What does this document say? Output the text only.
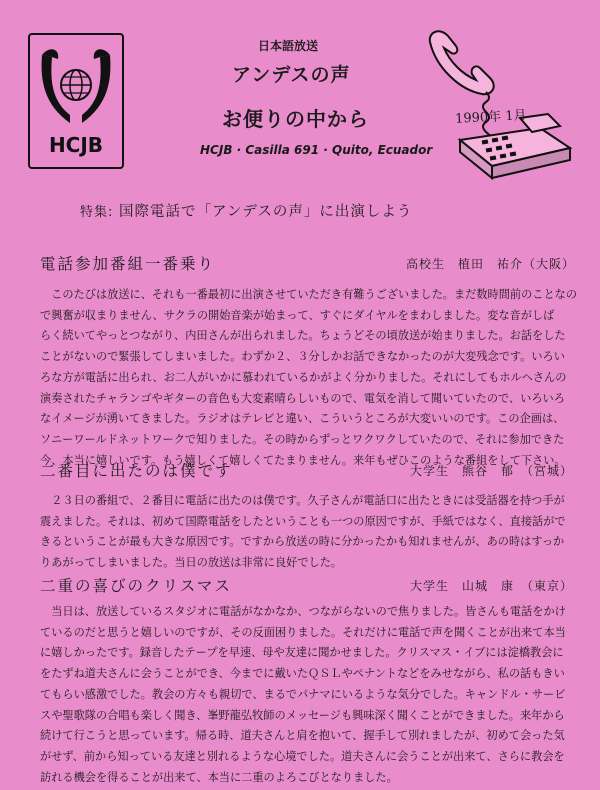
HCJB
日本語放送
アンデスの声
お便りの中から
HCJB · Casilla 691 · Quito, Ecuador
1990年 1月
特集: 国際電話で「アンデスの声」に出演しよう
電話参加番組一番乗り	高校生　植田　祐介（大阪）
　このたびは放送に、それも一番最初に出演させていただき有難うございました。まだ数時間前のことなの
で興奮が収まりません、サクラの開始音楽が始まって、すぐにダイヤルをまわしました。変な音がしば
らく続いてやっとつながり、内田さんが出られました。ちょうどその頃放送が始まりました。お話をした
ことがないので緊張してしまいました。わずか２、３分しかお話できなかったのが大変残念です。いろい
ろな方が電話に出られ、お二人がいかに慕われているかがよく分かりました。それにしてもホルヘさんの
演奏されたチャランゴやギターの音色も大変素晴らしいもので、電気を消して聞いていたので、いろいろ
なイメージが湧いてきました。ラジオはテレビと違い、こういうところが大変いいのです。この企画は、
ソニーワールドネットワークで知りました。その時からずっとワクワクしていたので、それに参加できた
今、本当に嬉しいです。もう嬉しくて嬉しくてたまりません。来年もぜひこのような番組をして下さい。
二番目に出たのは僕です	大学生　熊谷　郁　（宮城）
　２３日の番組で、２番目に電話に出たのは僕です。久子さんが電話口に出たときには受話器を持つ手が
震えました。それは、初めて国際電話をしたということも一つの原因ですが、手紙ではなく、直接話がで
きるということが最も大きな原因です。ですから放送の時に分かったかも知れませんが、あの時はすっか
りあがってしまいました。当日の放送は非常に良好でした。
二重の喜びのクリスマス	大学生　山城　康　（東京）
　当日は、放送しているスタジオに電話がなかなか、つながらないので焦りました。皆さんも電話をかけ
ているのだと思うと嬉しいのですが、その反面困りました。それだけに電話で声を聞くことが出来て本当
に嬉しかったです。録音したテープを早速、母や友達に聞かせました。クリスマス・イブには淀橋教会に
をたずね道夫さんに会うことができ、今までに戴いたＱＳＬやペナントなどをみせながら、私の話もきい
てもらい感激でした。教会の方々も親切で、まるでパナマにいるような気分でした。キャンドル・サービ
スや聖歌隊の合唱も楽しく聞き、峯野龍弘牧師のメッセージも興味深く聞くことができました。来年から
続けて行こうと思っています。帰る時、道夫さんと肩を抱いて、握手して別れましたが、初めて会った気
がせず、前から知っている友達と別れるような心境でした。道夫さんに会うことが出来て、さらに教会を
訪れる機会を得ることが出来て、本当に二重のよろこびとなりました。
